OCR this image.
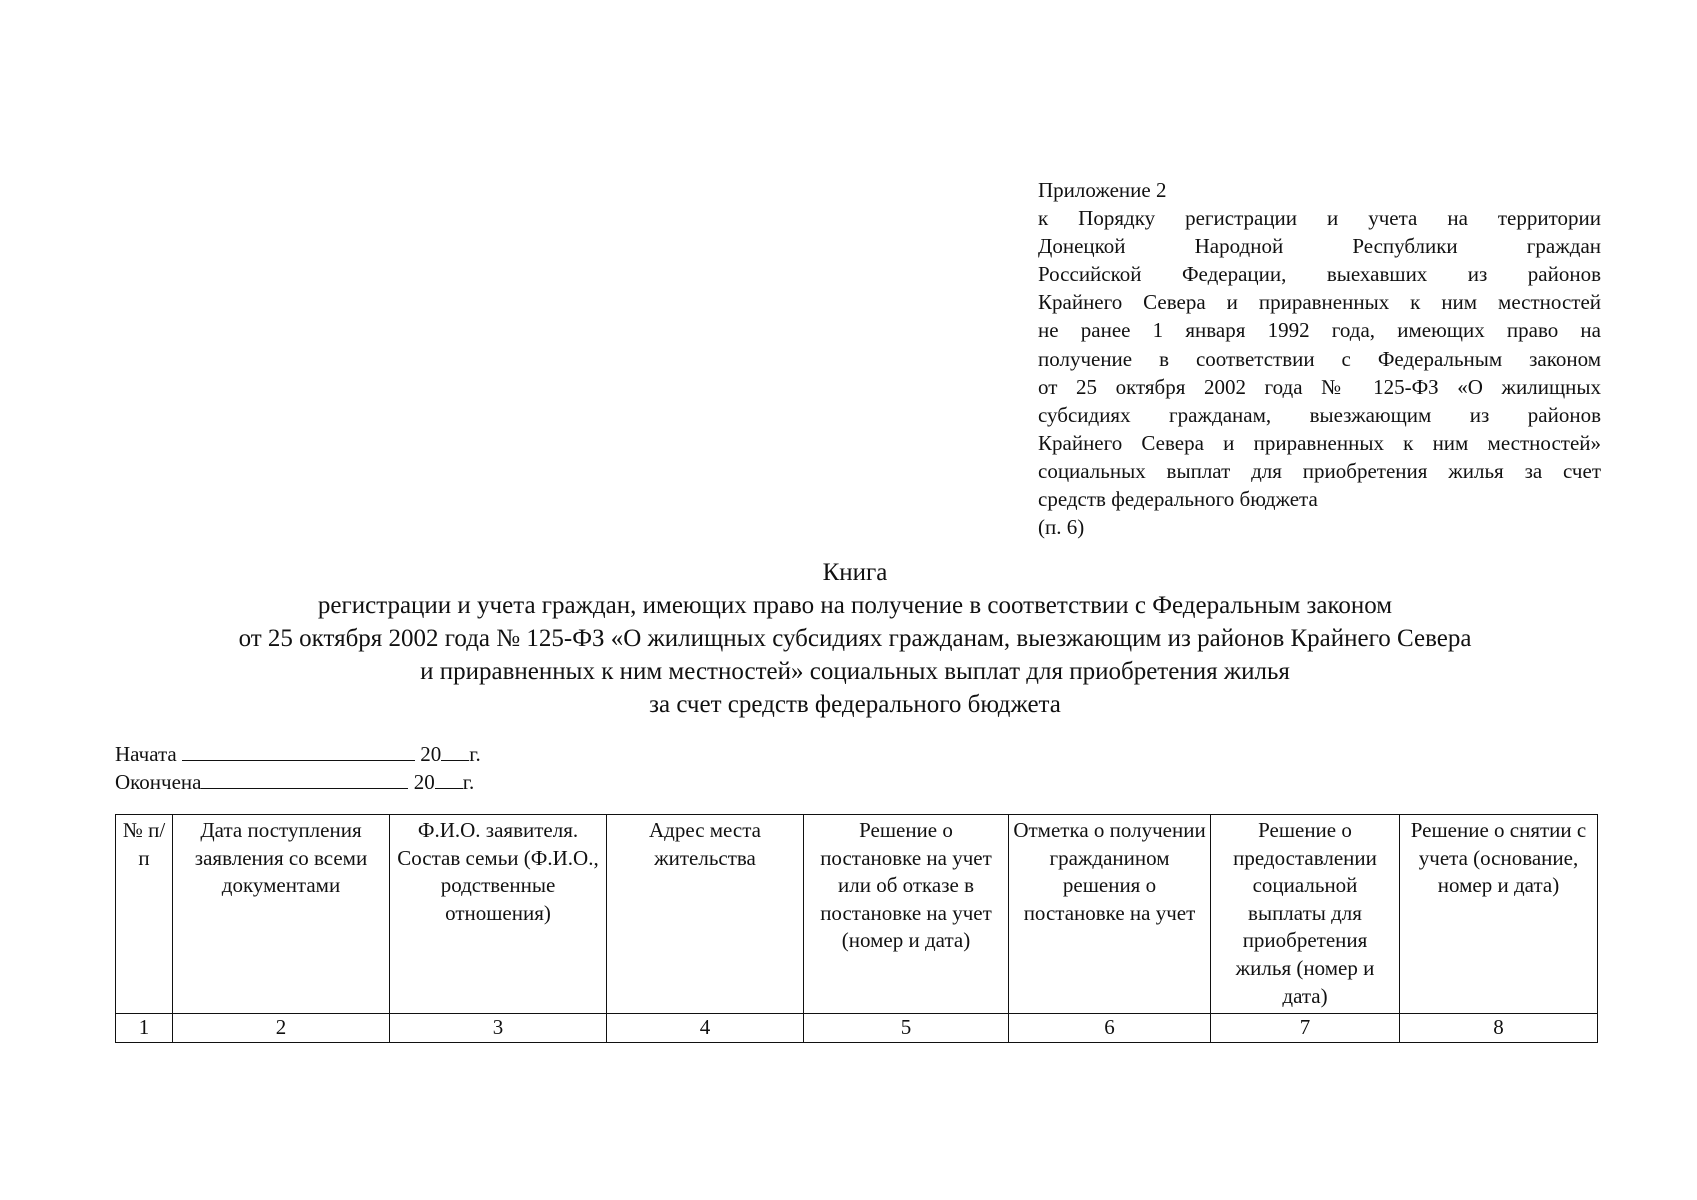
Приложение 2
к Порядку регистрации и учета на территории
Донецкой Народной Республики граждан
Российской Федерации, выехавших из районов
Крайнего Севера и приравненных к ним местностей
не ранее 1 января 1992 года, имеющих право на
получение в соответствии с Федеральным законом
от 25 октября 2002 года № 125-ФЗ «О жилищных
субсидиях гражданам, выезжающим из районов
Крайнего Севера и приравненных к ним местностей»
социальных выплат для приобретения жилья за счет
средств федерального бюджета
(п. 6)
Книга
регистрации и учета граждан, имеющих право на получение в соответствии с Федеральным законом
от 25 октября 2002 года № 125-ФЗ «О жилищных субсидиях гражданам, выезжающим из районов Крайнего Севера
и приравненных к ним местностей» социальных выплат для приобретения жилья
за счет средств федерального бюджета
Начата	20 г.
Окончена	20 г.
№ п/п	Дата поступления заявления со всеми документами	Ф.И.О. заявителя. Состав семьи (Ф.И.О., родственные отношения)	Адрес места жительства	Решение о постановке на учет или об отказе в постановке на учет (номер и дата)	Отметка о получении гражданином решения о постановке на учет	Решение о предоставлении социальной выплаты для приобретения жилья (номер и дата)	Решение о снятии с учета (основание, номер и дата)
1	2	3	4	5	6	7	8
